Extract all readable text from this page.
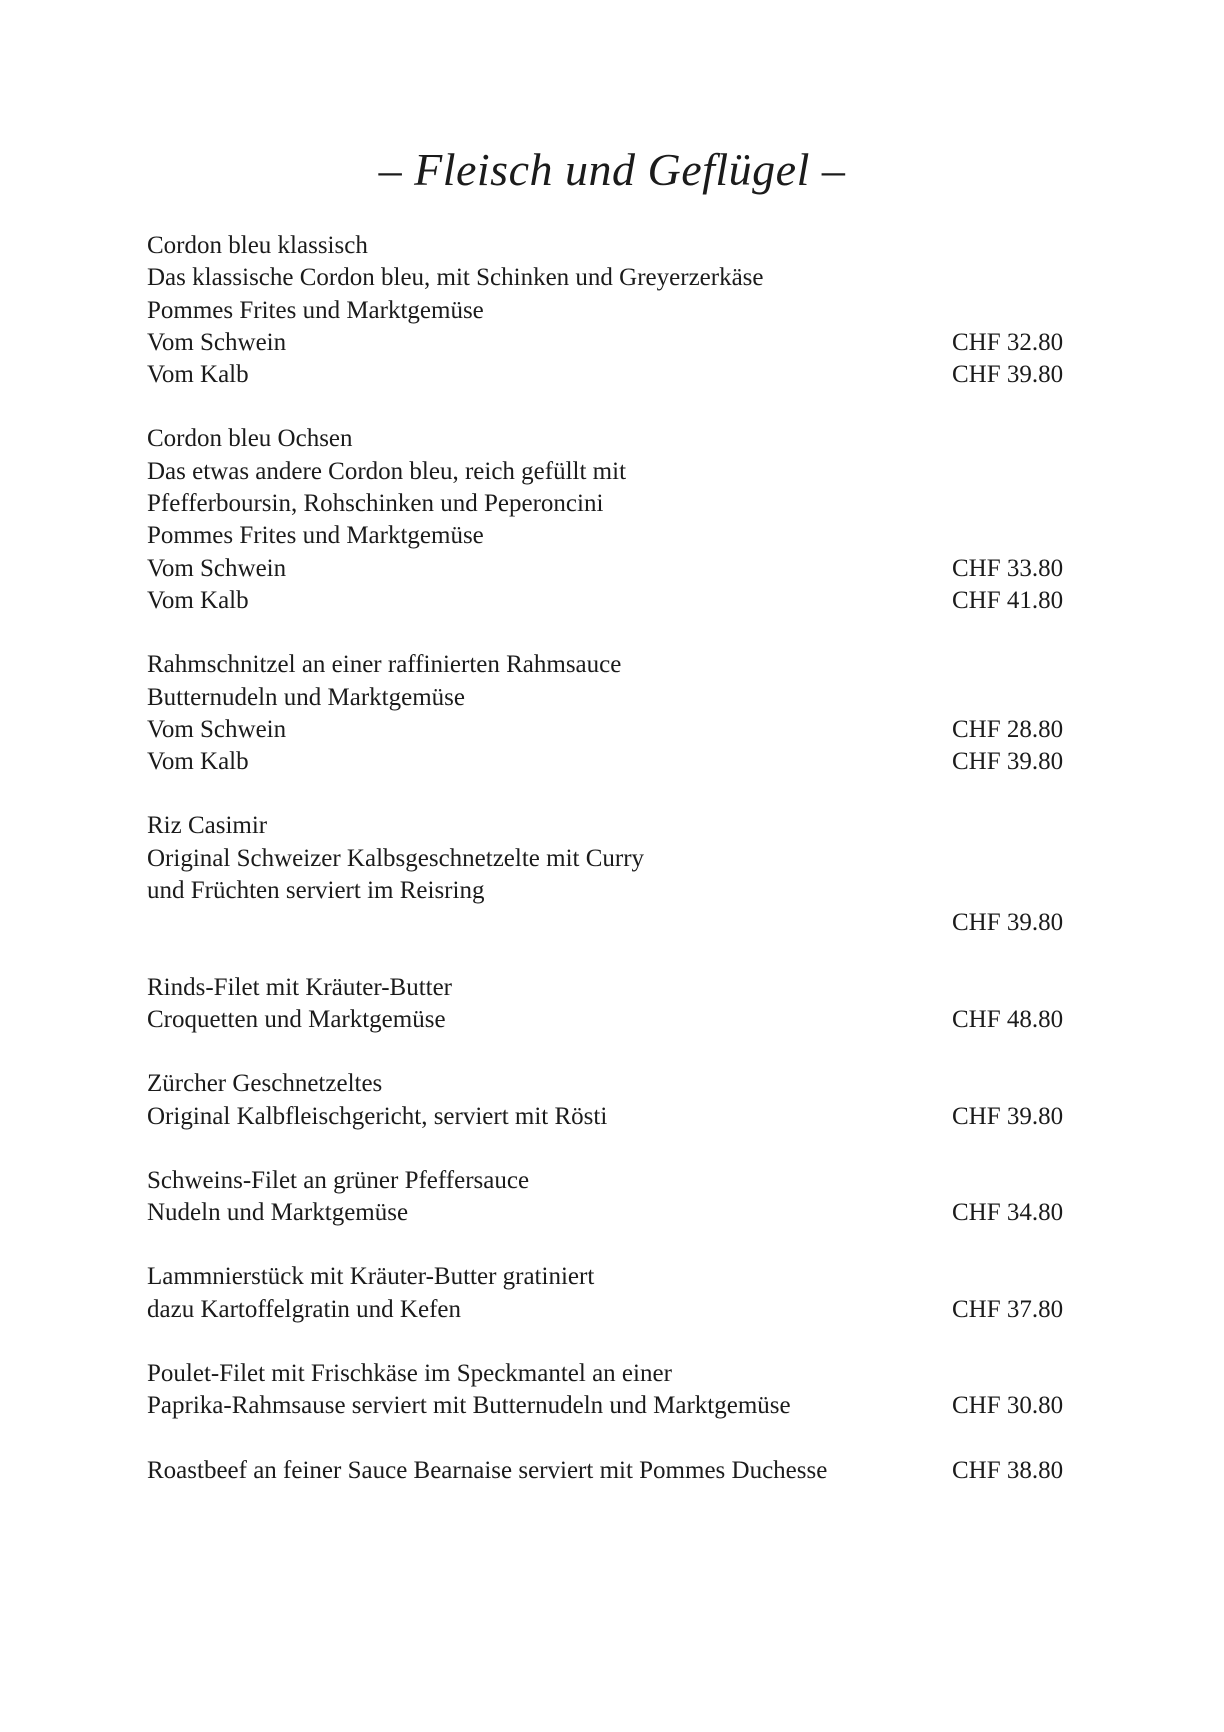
– Fleisch und Geflügel –
Cordon bleu klassisch
Das klassische Cordon bleu, mit Schinken und Greyerzerkäse
Pommes Frites und Marktgemüse
Vom Schwein	CHF 32.80
Vom Kalb	CHF 39.80
Cordon bleu Ochsen
Das etwas andere Cordon bleu, reich gefüllt mit
Pfefferboursin, Rohschinken und Peperoncini
Pommes Frites und Marktgemüse
Vom Schwein	CHF 33.80
Vom Kalb	CHF 41.80
Rahmschnitzel an einer raffinierten Rahmsauce
Butternudeln und Marktgemüse
Vom Schwein	CHF 28.80
Vom Kalb	CHF 39.80
Riz Casimir
Original Schweizer Kalbsgeschnetzelte mit Curry
und Früchten serviert im Reisring
CHF 39.80
Rinds-Filet mit Kräuter-Butter
Croquetten und Marktgemüse	CHF 48.80
Zürcher Geschnetzeltes
Original Kalbfleischgericht, serviert mit Rösti	CHF 39.80
Schweins-Filet an grüner Pfeffersauce
Nudeln und Marktgemüse	CHF 34.80
Lammnierstück mit Kräuter-Butter gratiniert
dazu Kartoffelgratin und Kefen	CHF 37.80
Poulet-Filet mit Frischkäse im Speckmantel an einer
Paprika-Rahmsause serviert mit Butternudeln und Marktgemüse	CHF 30.80
Roastbeef an feiner Sauce Bearnaise serviert mit Pommes Duchesse	CHF 38.80
